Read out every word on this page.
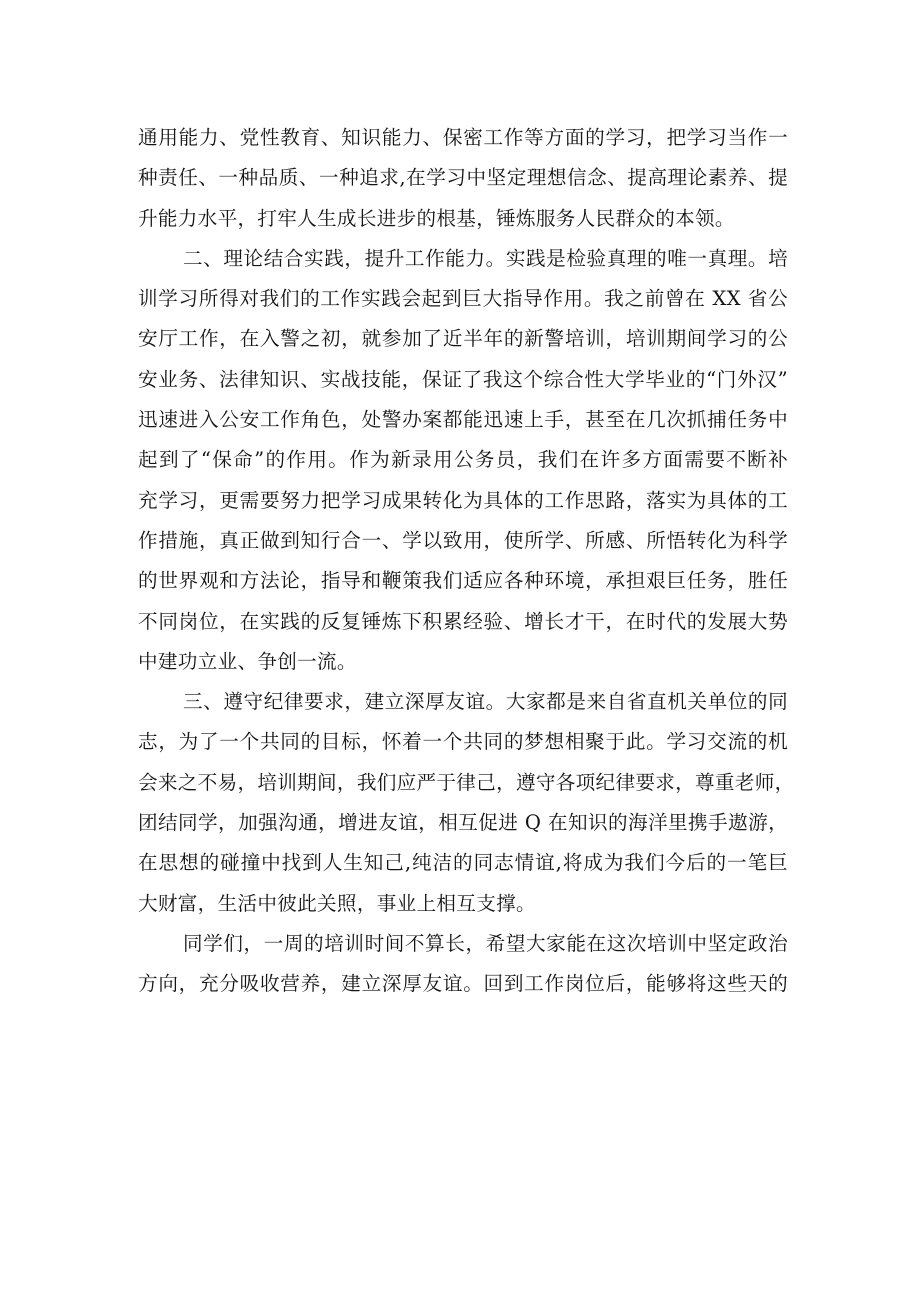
通用能力、党性教育、知识能力、保密工作等方面的学习，把学习当作一
种责任、一种品质、一种追求,在学习中坚定理想信念、提高理论素养、提
升能力水平，打牢人生成长进步的根基，锤炼服务人民群众的本领。
二、理论结合实践，提升工作能力。实践是检验真理的唯一真理。培
训学习所得对我们的工作实践会起到巨大指导作用。我之前曾在 XX 省公
安厅工作，在入警之初，就参加了近半年的新警培训，培训期间学习的公
安业务、法律知识、实战技能，保证了我这个综合性大学毕业的“门外汉”
迅速进入公安工作角色，处警办案都能迅速上手，甚至在几次抓捕任务中
起到了“保命”的作用。作为新录用公务员，我们在许多方面需要不断补
充学习，更需要努力把学习成果转化为具体的工作思路，落实为具体的工
作措施，真正做到知行合一、学以致用，使所学、所感、所悟转化为科学
的世界观和方法论，指导和鞭策我们适应各种环境，承担艰巨任务，胜任
不同岗位，在实践的反复锤炼下积累经验、增长才干，在时代的发展大势
中建功立业、争创一流。
三、遵守纪律要求，建立深厚友谊。大家都是来自省直机关单位的同
志，为了一个共同的目标，怀着一个共同的梦想相聚于此。学习交流的机
会来之不易，培训期间，我们应严于律己，遵守各项纪律要求，尊重老师，
团结同学，加强沟通，增进友谊，相互促进 Q 在知识的海洋里携手遨游，
在思想的碰撞中找到人生知己,纯洁的同志情谊,将成为我们今后的一笔巨
大财富，生活中彼此关照，事业上相互支撑。
同学们，一周的培训时间不算长，希望大家能在这次培训中坚定政治
方向，充分吸收营养，建立深厚友谊。回到工作岗位后，能够将这些天的
